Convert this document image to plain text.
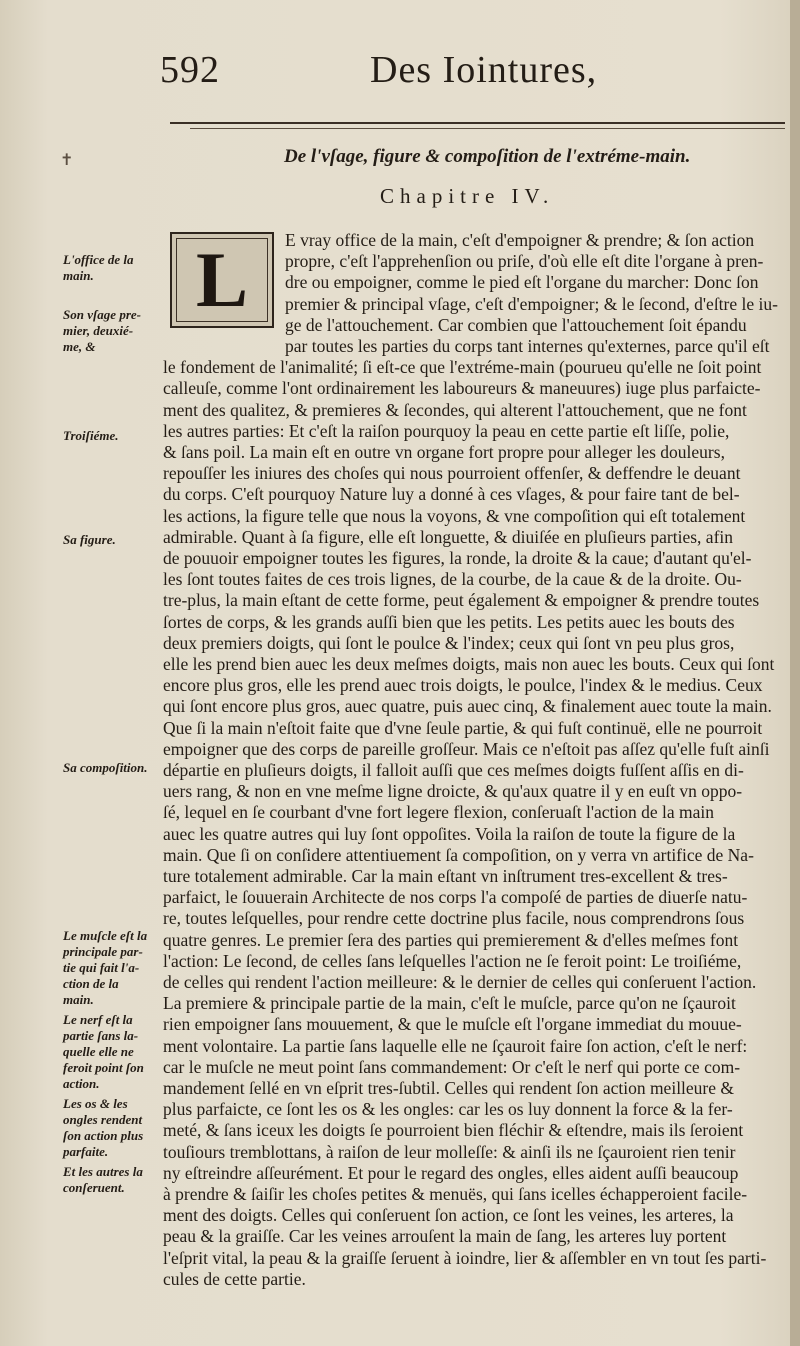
592	Des Iointures,
✝	De l'vſage, figure & compoſition de l'extréme-main.
Chapitre IV.
L	E vray office de la main, c'eſt d'empoigner & prendre; & ſon action
propre, c'eſt l'apprehenſion ou priſe, d'où elle eſt dite l'organe à pren-
dre ou empoigner, comme le pied eſt l'organe du marcher: Donc ſon
premier & principal vſage, c'eſt d'empoigner; & le ſecond, d'eſtre le iu-
ge de l'attouchement. Car combien que l'attouchement ſoit épandu
par toutes les parties du corps tant internes qu'externes, parce qu'il eſt
le fondement de l'animalité; ſi eſt-ce que l'extréme-main (pourueu qu'elle ne ſoit point
calleuſe, comme l'ont ordinairement les laboureurs & maneuures) iuge plus parfaicte-
ment des qualitez, & premieres & ſecondes, qui alterent l'attouchement, que ne font
les autres parties: Et c'eſt la raiſon pourquoy la peau en cette partie eſt liſſe, polie,
& ſans poil. La main eſt en outre vn organe fort propre pour alleger les douleurs,
repouſſer les iniures des choſes qui nous pourroient offenſer, & deffendre le deuant
du corps. C'eſt pourquoy Nature luy a donné à ces vſages, & pour faire tant de bel-
les actions, la figure telle que nous la voyons, & vne compoſition qui eſt totalement
admirable. Quant à ſa figure, elle eſt longuette, & diuiſée en pluſieurs parties, afin
de pouuoir empoigner toutes les figures, la ronde, la droite & la caue; d'autant qu'el-
les ſont toutes faites de ces trois lignes, de la courbe, de la caue & de la droite. Ou-
tre-plus, la main eſtant de cette forme, peut également & empoigner & prendre toutes
ſortes de corps, & les grands auſſi bien que les petits. Les petits auec les bouts des
deux premiers doigts, qui ſont le poulce & l'index; ceux qui ſont vn peu plus gros,
elle les prend bien auec les deux meſmes doigts, mais non auec les bouts. Ceux qui ſont
encore plus gros, elle les prend auec trois doigts, le poulce, l'index & le medius. Ceux
qui ſont encore plus gros, auec quatre, puis auec cinq, & finalement auec toute la main.
Que ſi la main n'eſtoit faite que d'vne ſeule partie, & qui fuſt continuë, elle ne pourroit
empoigner que des corps de pareille groſſeur. Mais ce n'eſtoit pas aſſez qu'elle fuſt ainſi
départie en pluſieurs doigts, il falloit auſſi que ces meſmes doigts fuſſent aſſis en di-
uers rang, & non en vne meſme ligne droicte, & qu'aux quatre il y en euſt vn oppo-
ſé, lequel en ſe courbant d'vne fort legere flexion, conſeruaſt l'action de la main
auec les quatre autres qui luy ſont oppoſites. Voila la raiſon de toute la figure de la
main. Que ſi on conſidere attentiuement ſa compoſition, on y verra vn artifice de Na-
ture totalement admirable. Car la main eſtant vn inſtrument tres-excellent & tres-
parfaict, le ſouuerain Architecte de nos corps l'a compoſé de parties de diuerſe natu-
re, toutes leſquelles, pour rendre cette doctrine plus facile, nous comprendrons ſous
quatre genres. Le premier ſera des parties qui premierement & d'elles meſmes font
l'action: Le ſecond, de celles ſans leſquelles l'action ne ſe feroit point: Le troiſiéme,
de celles qui rendent l'action meilleure: & le dernier de celles qui conſeruent l'action.
La premiere & principale partie de la main, c'eſt le muſcle, parce qu'on ne ſçauroit
rien empoigner ſans mouuement, & que le muſcle eſt l'organe immediat du mouue-
ment volontaire. La partie ſans laquelle elle ne ſçauroit faire ſon action, c'eſt le nerf:
car le muſcle ne meut point ſans commandement: Or c'eſt le nerf qui porte ce com-
mandement ſellé en vn eſprit tres-ſubtil. Celles qui rendent ſon action meilleure &
plus parfaicte, ce ſont les os & les ongles: car les os luy donnent la force & la fer-
meté, & ſans iceux les doigts ſe pourroient bien fléchir & eſtendre, mais ils ſeroient
touſiours tremblottans, à raiſon de leur molleſſe: & ainſi ils ne ſçauroient rien tenir
ny eſtreindre aſſeurément. Et pour le regard des ongles, elles aident auſſi beaucoup
à prendre & ſaiſir les choſes petites & menuës, qui ſans icelles échapperoient facile-
ment des doigts. Celles qui conſeruent ſon action, ce ſont les veines, les arteres, la
peau & la graiſſe. Car les veines arrouſent la main de ſang, les arteres luy portent
l'eſprit vital, la peau & la graiſſe ſeruent à ioindre, lier & aſſembler en vn tout ſes parti-
cules de cette partie.
L'office de la
main.
Son vſage pre-
mier, deuxié-
me, &
Troiſiéme.
Sa figure.
Sa compoſition.
Le muſcle eſt la
principale par-
tie qui fait l'a-
ction de la
main.
Le nerf eſt la
partie ſans la-
quelle elle ne
feroit point ſon
action.
Les os & les
ongles rendent
ſon action plus
parfaite.
Et les autres la
conſeruent.
